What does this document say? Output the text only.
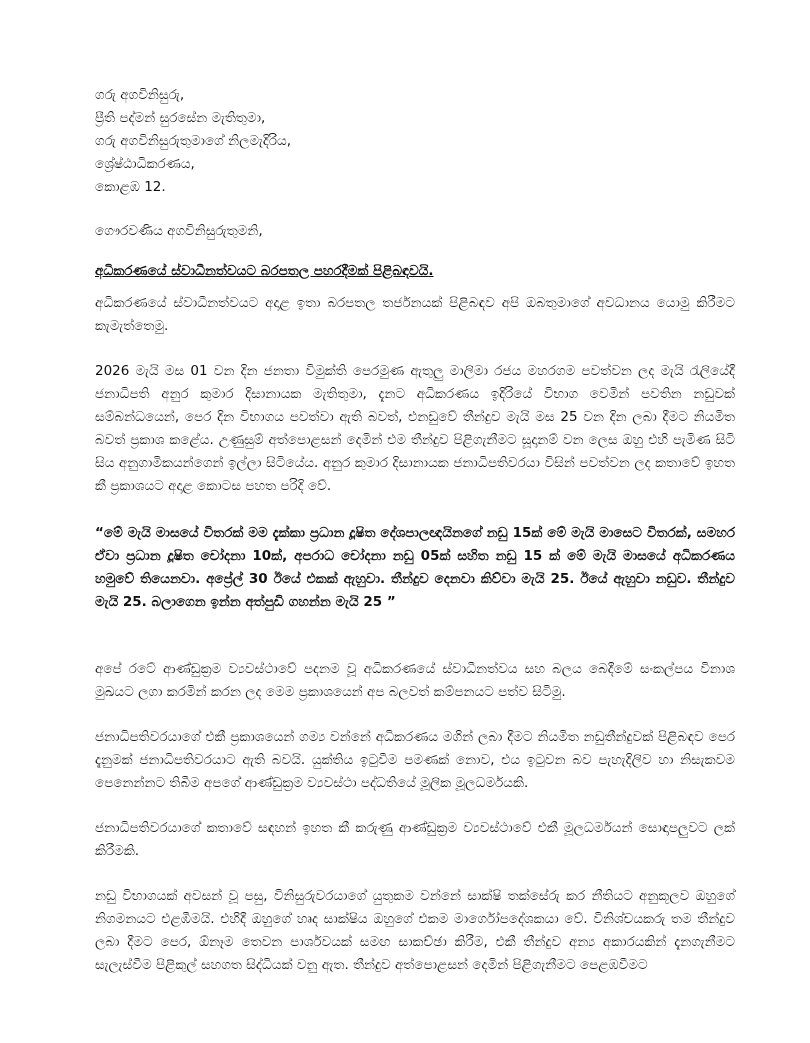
ගරු අගවිනිසුරු,

ප්‍රීති පද්මන් සුරසේන මැතිතුමා,

ගරු අගවිනිසුරුතුමාගේ නිලමැදිරිය,

ශ්‍රේෂ්ඨාධිකරණය,

කොළඹ 12.

ගෞරවණිය අගවිනිසුරුතුමනි,

අධිකරණයේ ස්වාධීනත්වයට බරපතල පහරදීමක් පිළිබඳවයි.

අධිකරණයේ ස්වාධීනත්වයට අදාළ ඉතා බරපතල තර්ජනයක් පිළිබඳව අපි ඔබතුමාගේ අවධානය යොමු කිරීමට කැමැත්තෙමු.

2026 මැයි මස 01 වන දින ජනතා විමුක්ති පෙරමුණ ඇතුලු මාලිමා රජය මහරගම පවත්වන ලද මැයි රැලියේදී ජනාධිපති අනුර කුමාර දිසානායක මැතිතුමා, දැනට අධිකරණය ඉදිරියේ විභාග වෙමින් පවතින නඩුවක් සම්බන්ධයෙන්, පෙර දින විභාගය පවත්වා ඇති බවත්, එනඩුවේ තීන්දුව මැයි මස 25 වන දින ලබා දීමට නියමිත බවත් ප්‍රකාශ කළේය. උණුසුම් අත්පොළසන් දෙමින් එම තීන්දුව පිළිගැනීමට සූදානම් වන ලෙස ඔහු එහි පැමිණ සිටි සිය අනුගාමිකයන්ගෙන් ඉල්ලා සිටියේය. අනුර කුමාර දිසානායක ජනාධිපතිවරයා විසින් පවත්වන ලද කතාවේ ඉහත කී ප්‍රකාශයට අදාළ කොටස පහත පරිදි වේ.

“මේ මැයි මාසයේ විතරක් මම දැක්කා ප්‍රධාන දූෂිත දේශපාලඥයිනගේ නඩු 15ක් මේ මැයි මාසෙට විතරක්, සමහර ඒවා ප්‍රධාන දූෂිත චෝදනා 10ක්, අපරාධ චෝදනා නඩු 05ක් සහිත නඩු 15 ක් මේ මැයි මාසයේ අධිකරණය හමුවේ තියෙනවා. අප්‍රේල් 30 ඊයේ එකක් ඇහුවා. තීන්දුව දෙනවා කිව්වා මැයි 25. ඊයේ ඇහුවා නඩුව. තීන්දුව මැයි 25. බලාගෙන ඉන්න අත්පුඩි ගහන්න මැයි 25 ”

අපේ රටේ ආණ්ඩුක්‍රම ව්‍යවස්ථාවේ පදනම වූ අධිකරණයේ ස්වාධීනත්වය සහ බලය බෙදීමේ සංකල්පය විනාශ මුඛයට ලගා කරමින් කරන ලද මෙම ප්‍රකාශයෙන් අප බලවත් කම්පනයට පත්ව සිටිමු.

ජනාධිපතිවරයාගේ එකී ප්‍රකාශයෙන් ගම්‍ය වන්නේ අධිකරණය මගින් ලබා දීමට නියමිත නඩුතීන්දුවක් පිළිබඳව පෙර දැනුමක් ජනාධිපතිවරයාට ඇති බවයි. යුක්තිය ඉටුවීම පමණක් නොව, එය ඉටුවන බව පැහැදිලිව හා නිසැකවම පෙනෙන්නට තිබීම අපගේ ආණ්ඩුක්‍රම ව්‍යවස්ථා පද්ධතියේ මූලික මූලධර්මයකි.

ජනාධිපතිවරයාගේ කතාවේ සඳහන් ඉහත කී කරුණු ආණ්ඩුක්‍රම ව්‍යවස්ථාවේ එකී මූලධර්මයන් සොඳාපලුවට ලක් කිරීමකි.

නඩු විභාගයක් අවසන් වූ පසු, විනිසුරුවරයාගේ යුතුකම වන්නේ සාක්ෂි තක්සේරු කර නීතියට අනුකූලව ඔහුගේ නිගමනයට එළඹීමයි. එහිදී ඔහුගේ හෘද සාක්ෂිය ඔහුගේ එකම මාර්ගෝපදේශකයා වේ. විනිශ්චයකරු තම තීන්දුව ලබා දීමට පෙර, ඕනෑම තෙවන පාර්ශවයක් සමඟ සාකච්ඡා කිරීම, එකී තීන්දුව අන්‍ය අකාරයකින් දැනගැනීමට සැලැස්වීම පිළිකුල් සහගත සිද්ධියක් වනු ඇත. තීන්දුව අත්පොළසන් දෙමින් පිළිගැනීමට පෙළඹවීමට
